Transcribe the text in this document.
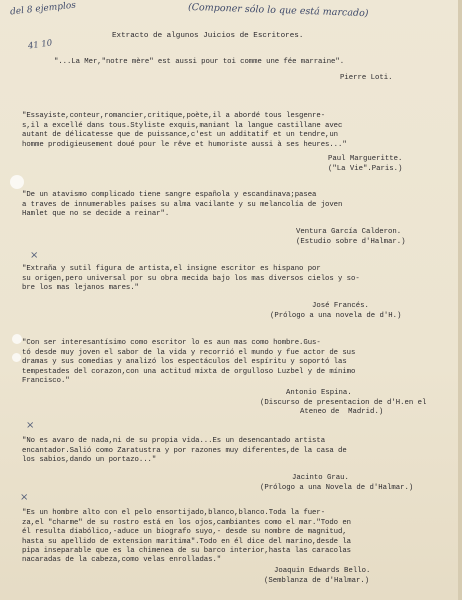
del 8 ejemplos	(Componer sólo lo que está marcado)
41 10
Extracto de algunos Juicios de Escritores.
"...La Mer,"notre mère" est aussi pour toi comme une fée marraine".
Pierre Loti.

"Essayiste,conteur,romancier,critique,poète,il a abordé tous lesgenre-
s,il a excellé dans tous.Styliste exquis,maniant la langue castillane avec
autant de délicatesse que de puissance,c'est un additatif et un tendre,un
homme prodigieusement doué pour le rêve et humoriste aussi à ses heures..."

Paul Margueritte.
("La Vie".Paris.)

"De un atavismo complicado tiene sangre española y escandinava;pasea
a traves de innumerables países su alma vacilante y su melancolía de joven
Hamlet que no se decide a reinar".

Ventura García Calderon.
(Estudio sobre d'Halmar.)
×

"Extraña y sutil figura de artista,el insigne escritor es hispano por
su origen,pero universal por su obra mecida bajo los mas diversos cielos y so-
bre los mas lejanos mares."

José Francés.
(Prólogo a una novela de d'H.)

"Con ser interesantísimo como escritor lo es aun mas como hombre.Gus-
tó desde muy joven el sabor de la vida y recorrió el mundo y fue actor de sus
dramas y sus comedias y analizó los espectáculos del espíritu y soportó las
tempestades del corazon,con una actitud mixta de orgulloso Luzbel y de mínimo
Francisco."

Antonio Espina.
(Discurso de presentacion de d'H.en el
Ateneo de  Madrid.)
×

"No es avaro de nada,ni de su propia vida...Es un desencantado artista
encantador.Salió como Zaratustra y por razones muy diferentes,de la casa de
los sabios,dando un portazo..."

Jacinto Grau.
(Prólogo a una Novela de d'Halmar.)
×

"Es un hombre alto con el pelo ensortijado,blanco,blanco.Toda la fuer-
za,el "charme" de su rostro está en los ojos,cambiantes como el mar."Todo en
él resulta diabólico,-aduce un biografo suyo,- desde su nombre de magnitud,
hasta su apellido de extension maritima".Todo en él dice del marino,desde la
pipa inseparable que es la chimenea de su barco interior,hasta las caracolas
nacaradas de la cabeza,como velas enrolladas."

Joaquin Edwards Bello.
(Semblanza de d'Halmar.)
